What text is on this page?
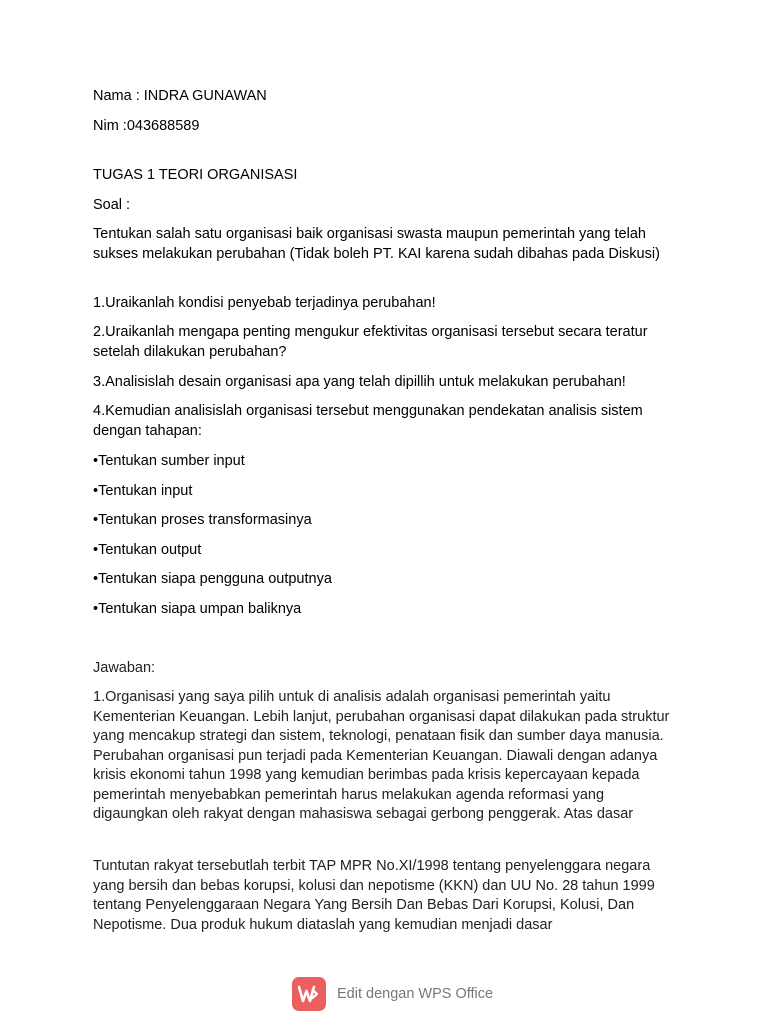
Nama : INDRA GUNAWAN
Nim :043688589
TUGAS 1 TEORI ORGANISASI
Soal :

Tentukan salah satu organisasi baik organisasi swasta maupun pemerintah yang telah sukses melakukan perubahan (Tidak boleh PT. KAI karena sudah dibahas pada Diskusi)

1.Uraikanlah kondisi penyebab terjadinya perubahan!

2.Uraikanlah mengapa penting mengukur efektivitas organisasi tersebut secara teratur setelah dilakukan perubahan?

3.Analisislah desain organisasi apa yang telah dipillih untuk melakukan perubahan!

4.Kemudian analisislah organisasi tersebut menggunakan pendekatan analisis sistem dengan tahapan:

•Tentukan sumber input

•Tentukan input

•Tentukan proses transformasinya

•Tentukan output

•Tentukan siapa pengguna outputnya

•Tentukan siapa umpan baliknya

Jawaban:

1.Organisasi yang saya pilih untuk di analisis adalah organisasi pemerintah yaitu Kementerian Keuangan. Lebih lanjut, perubahan organisasi dapat dilakukan pada struktur yang mencakup strategi dan sistem, teknologi, penataan fisik dan sumber daya manusia. Perubahan organisasi pun terjadi pada Kementerian Keuangan. Diawali dengan adanya krisis ekonomi tahun 1998 yang kemudian berimbas pada krisis kepercayaan kepada pemerintah menyebabkan pemerintah harus melakukan agenda reformasi yang digaungkan oleh rakyat dengan mahasiswa sebagai gerbong penggerak. Atas dasar

Tuntutan rakyat tersebutlah terbit TAP MPR No.XI/1998 tentang penyelenggara negara yang bersih dan bebas korupsi, kolusi dan nepotisme (KKN) dan UU No. 28 tahun 1999 tentang Penyelenggaraan Negara Yang Bersih Dan Bebas Dari Korupsi, Kolusi, Dan Nepotisme. Dua produk hukum diataslah yang kemudian menjadi dasar

Edit dengan WPS Office
